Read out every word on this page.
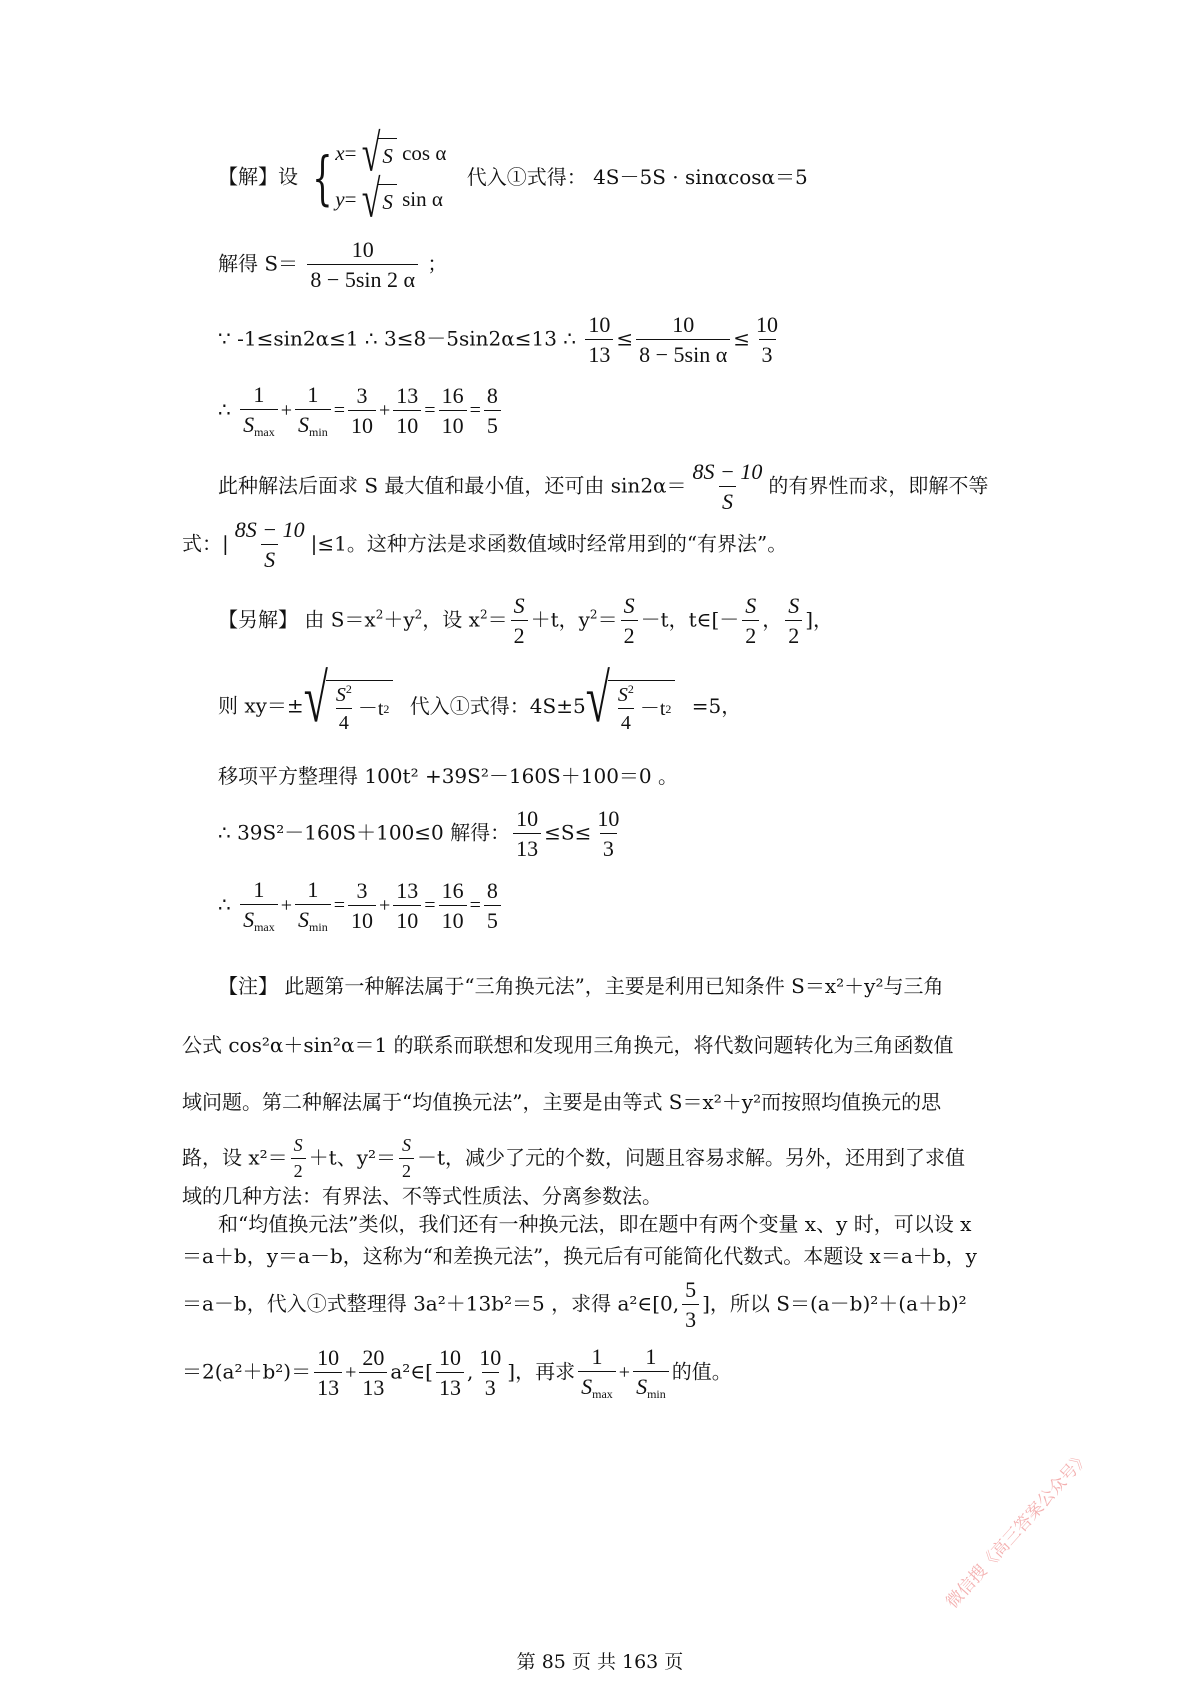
【解】设 { x= √ S cos α
y= √ S sin α
代入①式得： 4S－5S · sinαcosα＝5
解得 $S= \frac{10}{8 - 5\sin 2 \alpha}$ ；
∵ -1≤sin2α≤1 ∴ 3≤8－5sin2α≤13 ∴ $\frac{10}{13} \le \frac{10}{\text{8 − 5sin α}} \le \frac{10}{3}$
∴ $\frac{1}{S_{max}} + \frac{1}{S_{min}} = \frac{3}{10} + \frac{13}{10} = \frac{16}{10} = \frac{8}{5}$
此种解法后面求 S 最大值和最小值，还可由 $\sin 2\alpha= \frac{8S - 10}{S}$ 的有界性而求，即解不等
式：| $\frac{8S - 10}{S} |\le 1$。这种方法是求函数值域时经常用到的“有界法”。
【另解】 由 $S=x^2+y^2$，设 $x^2= \frac{S}{2} +t$，$y^2= \frac{S}{2} -t$，t∈[－ $\frac{S}{2}$ ， $\frac{S}{2}$ ]，
则 xy＝± √ $\frac{S^2}{4} -t$ 2 代入①式得：4S±5 √ $\frac{S^2}{4} -t$ 2 =5，
移项平方整理得 100t² +39S²－160S＋100＝0 。
∴ 39S²－160S＋100≤0 解得： $\frac{10}{13} \le S\le \frac{10}{3}$
∴ $\frac{1}{S_{max}} + \frac{1}{S_{min}} = \frac{3}{10} + \frac{13}{10} = \frac{16}{10} = \frac{8}{5}$
【注】 此题第一种解法属于“三角换元法”，主要是利用已知条件 S＝x²＋y²与三角
公式 cos²α＋sin²α＝1 的联系而联想和发现用三角换元，将代数问题转化为三角函数值
域问题。第二种解法属于“均值换元法”，主要是由等式 S＝x²＋y²而按照均值换元的思
路，设 $x^2= \frac{S}{2} +t$、$y^2= \frac{S}{2} -t$，减少了元的个数，问题且容易求解。另外，还用到了求值
域的几种方法：有界法、不等式性质法、分离参数法。
和“均值换元法”类似，我们还有一种换元法，即在题中有两个变量 x、y 时，可以设 x
＝a＋b，y＝a－b，这称为“和差换元法”，换元后有可能简化代数式。本题设 x＝a＋b，y
＝a－b，代入①式整理得 3a²＋13b²＝5 ，求得 a²∈[0, $\frac{5}{3}$ ]，所以 S＝(a－b)²＋(a＋b)²
$=2(a^2+b^2)= \frac{10}{13} + \frac{20}{13}$ a²∈[ $\frac{10}{13}$ , $\frac{10}{3}$ ]，再求 $\frac{1}{S_{max}} + \frac{1}{S_{min}}$ 的值。
第 85 页 共 163 页
微信搜《高三答案公众号》
